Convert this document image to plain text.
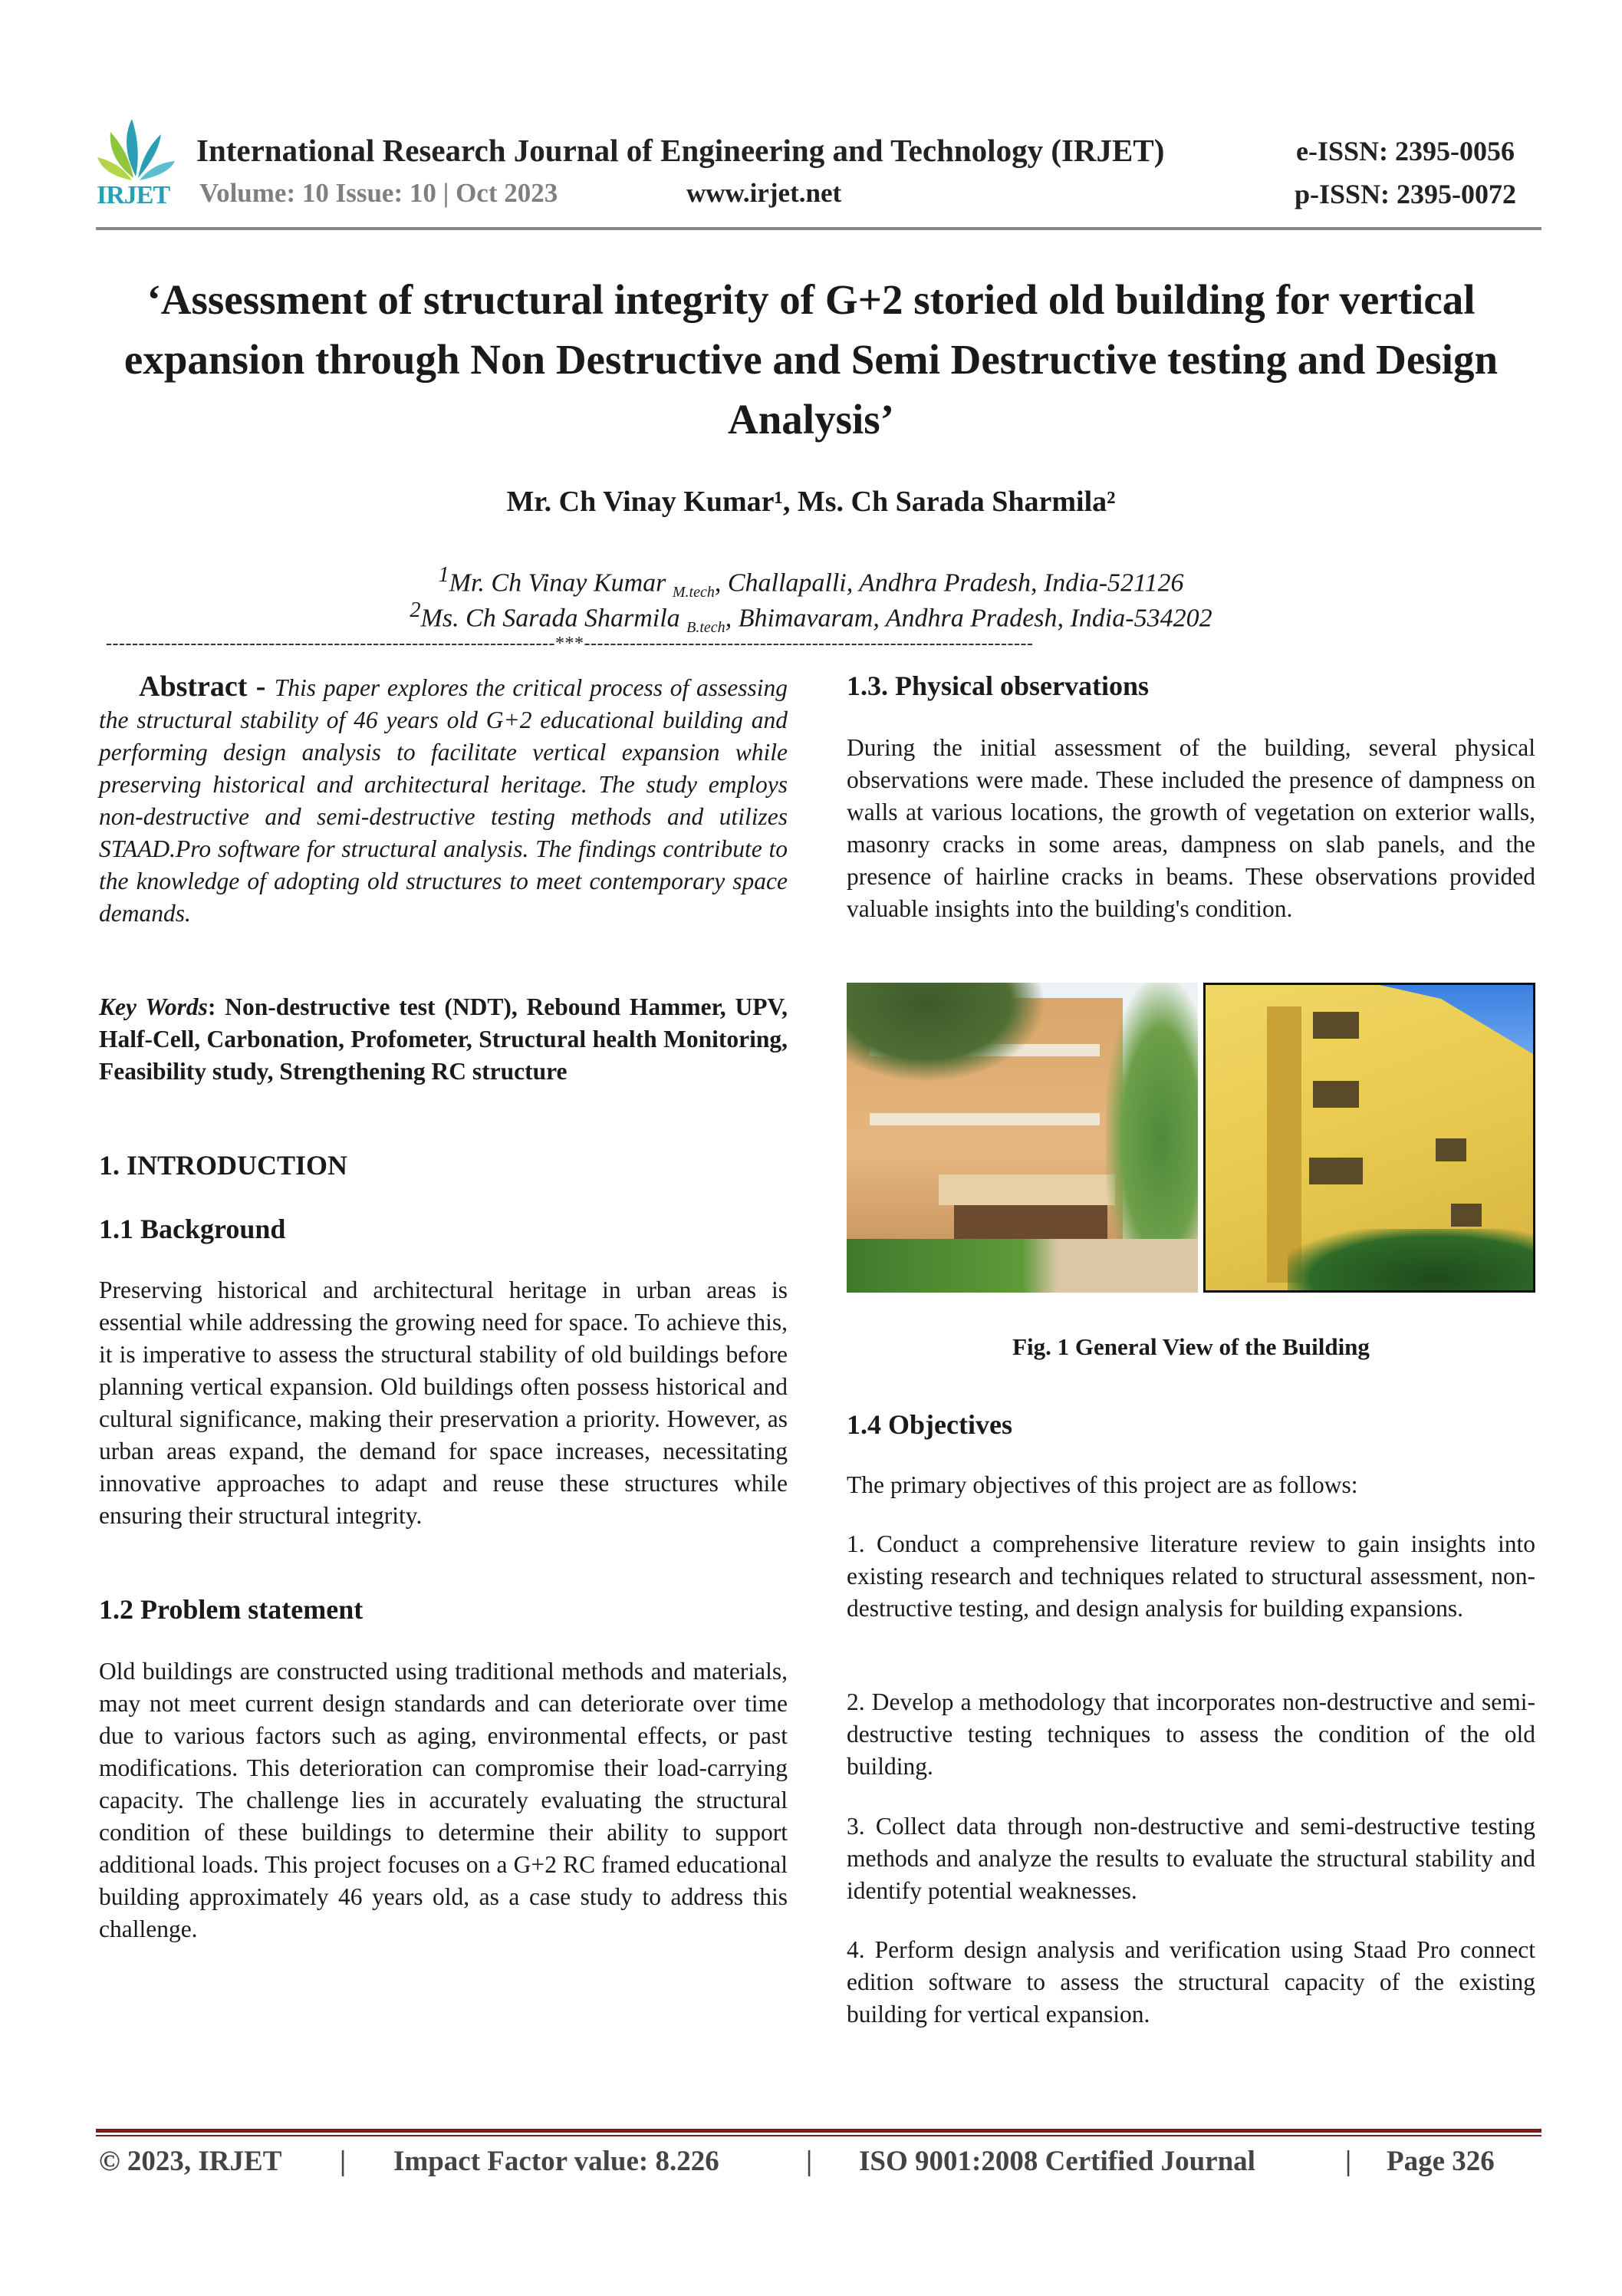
IRJET
International Research Journal of Engineering and Technology (IRJET)	e-ISSN: 2395-0056
Volume: 10 Issue: 10 | Oct 2023	www.irjet.net	p-ISSN: 2395-0072
‘Assessment of structural integrity of G+2 storied old building for vertical expansion through Non Destructive and Semi Destructive testing and Design Analysis’
Mr. Ch Vinay Kumar¹, Ms. Ch Sarada Sharmila²
$^1$Mr. Ch Vinay Kumar $_{M.tech}$, Challapalli, Andhra Pradesh, India-521126
$^2$Ms. Ch Sarada Sharmila $_{B.tech}$, Bhimavaram, Andhra Pradesh, India-534202
---------------------------------------------------------------------***---------------------------------------------------------------------
Abstract - This paper explores the critical process of assessing the structural stability of 46 years old G+2 educational building and performing design analysis to facilitate vertical expansion while preserving historical and architectural heritage. The study employs non-destructive and semi-destructive testing methods and utilizes STAAD.Pro software for structural analysis. The findings contribute to the knowledge of adopting old structures to meet contemporary space demands.
Key Words: Non-destructive test (NDT), Rebound Hammer, UPV, Half-Cell, Carbonation, Profometer, Structural health Monitoring, Feasibility study, Strengthening RC structure
1. INTRODUCTION
1.1 Background
Preserving historical and architectural heritage in urban areas is essential while addressing the growing need for space. To achieve this, it is imperative to assess the structural stability of old buildings before planning vertical expansion. Old buildings often possess historical and cultural significance, making their preservation a priority. However, as urban areas expand, the demand for space increases, necessitating innovative approaches to adapt and reuse these structures while ensuring their structural integrity.
1.2 Problem statement
Old buildings are constructed using traditional methods and materials, may not meet current design standards and can deteriorate over time due to various factors such as aging, environmental effects, or past modifications. This deterioration can compromise their load-carrying capacity. The challenge lies in accurately evaluating the structural condition of these buildings to determine their ability to support additional loads. This project focuses on a G+2 RC framed educational building approximately 46 years old, as a case study to address this challenge.
1.3. Physical observations
During the initial assessment of the building, several physical observations were made. These included the presence of dampness on walls at various locations, the growth of vegetation on exterior walls, masonry cracks in some areas, dampness on slab panels, and the presence of hairline cracks in beams. These observations provided valuable insights into the building's condition.
Fig. 1 General View of the Building
1.4 Objectives
The primary objectives of this project are as follows:
1. Conduct a comprehensive literature review to gain insights into existing research and techniques related to structural assessment, non-destructive testing, and design analysis for building expansions.
2. Develop a methodology that incorporates non-destructive and semi-destructive testing techniques to assess the condition of the old building.
3. Collect data through non-destructive and semi-destructive testing methods and analyze the results to evaluate the structural stability and identify potential weaknesses.
4. Perform design analysis and verification using Staad Pro connect edition software to assess the structural capacity of the existing building for vertical expansion.
© 2023, IRJET | Impact Factor value: 8.226	| ISO 9001:2008 Certified Journal	| Page 326
